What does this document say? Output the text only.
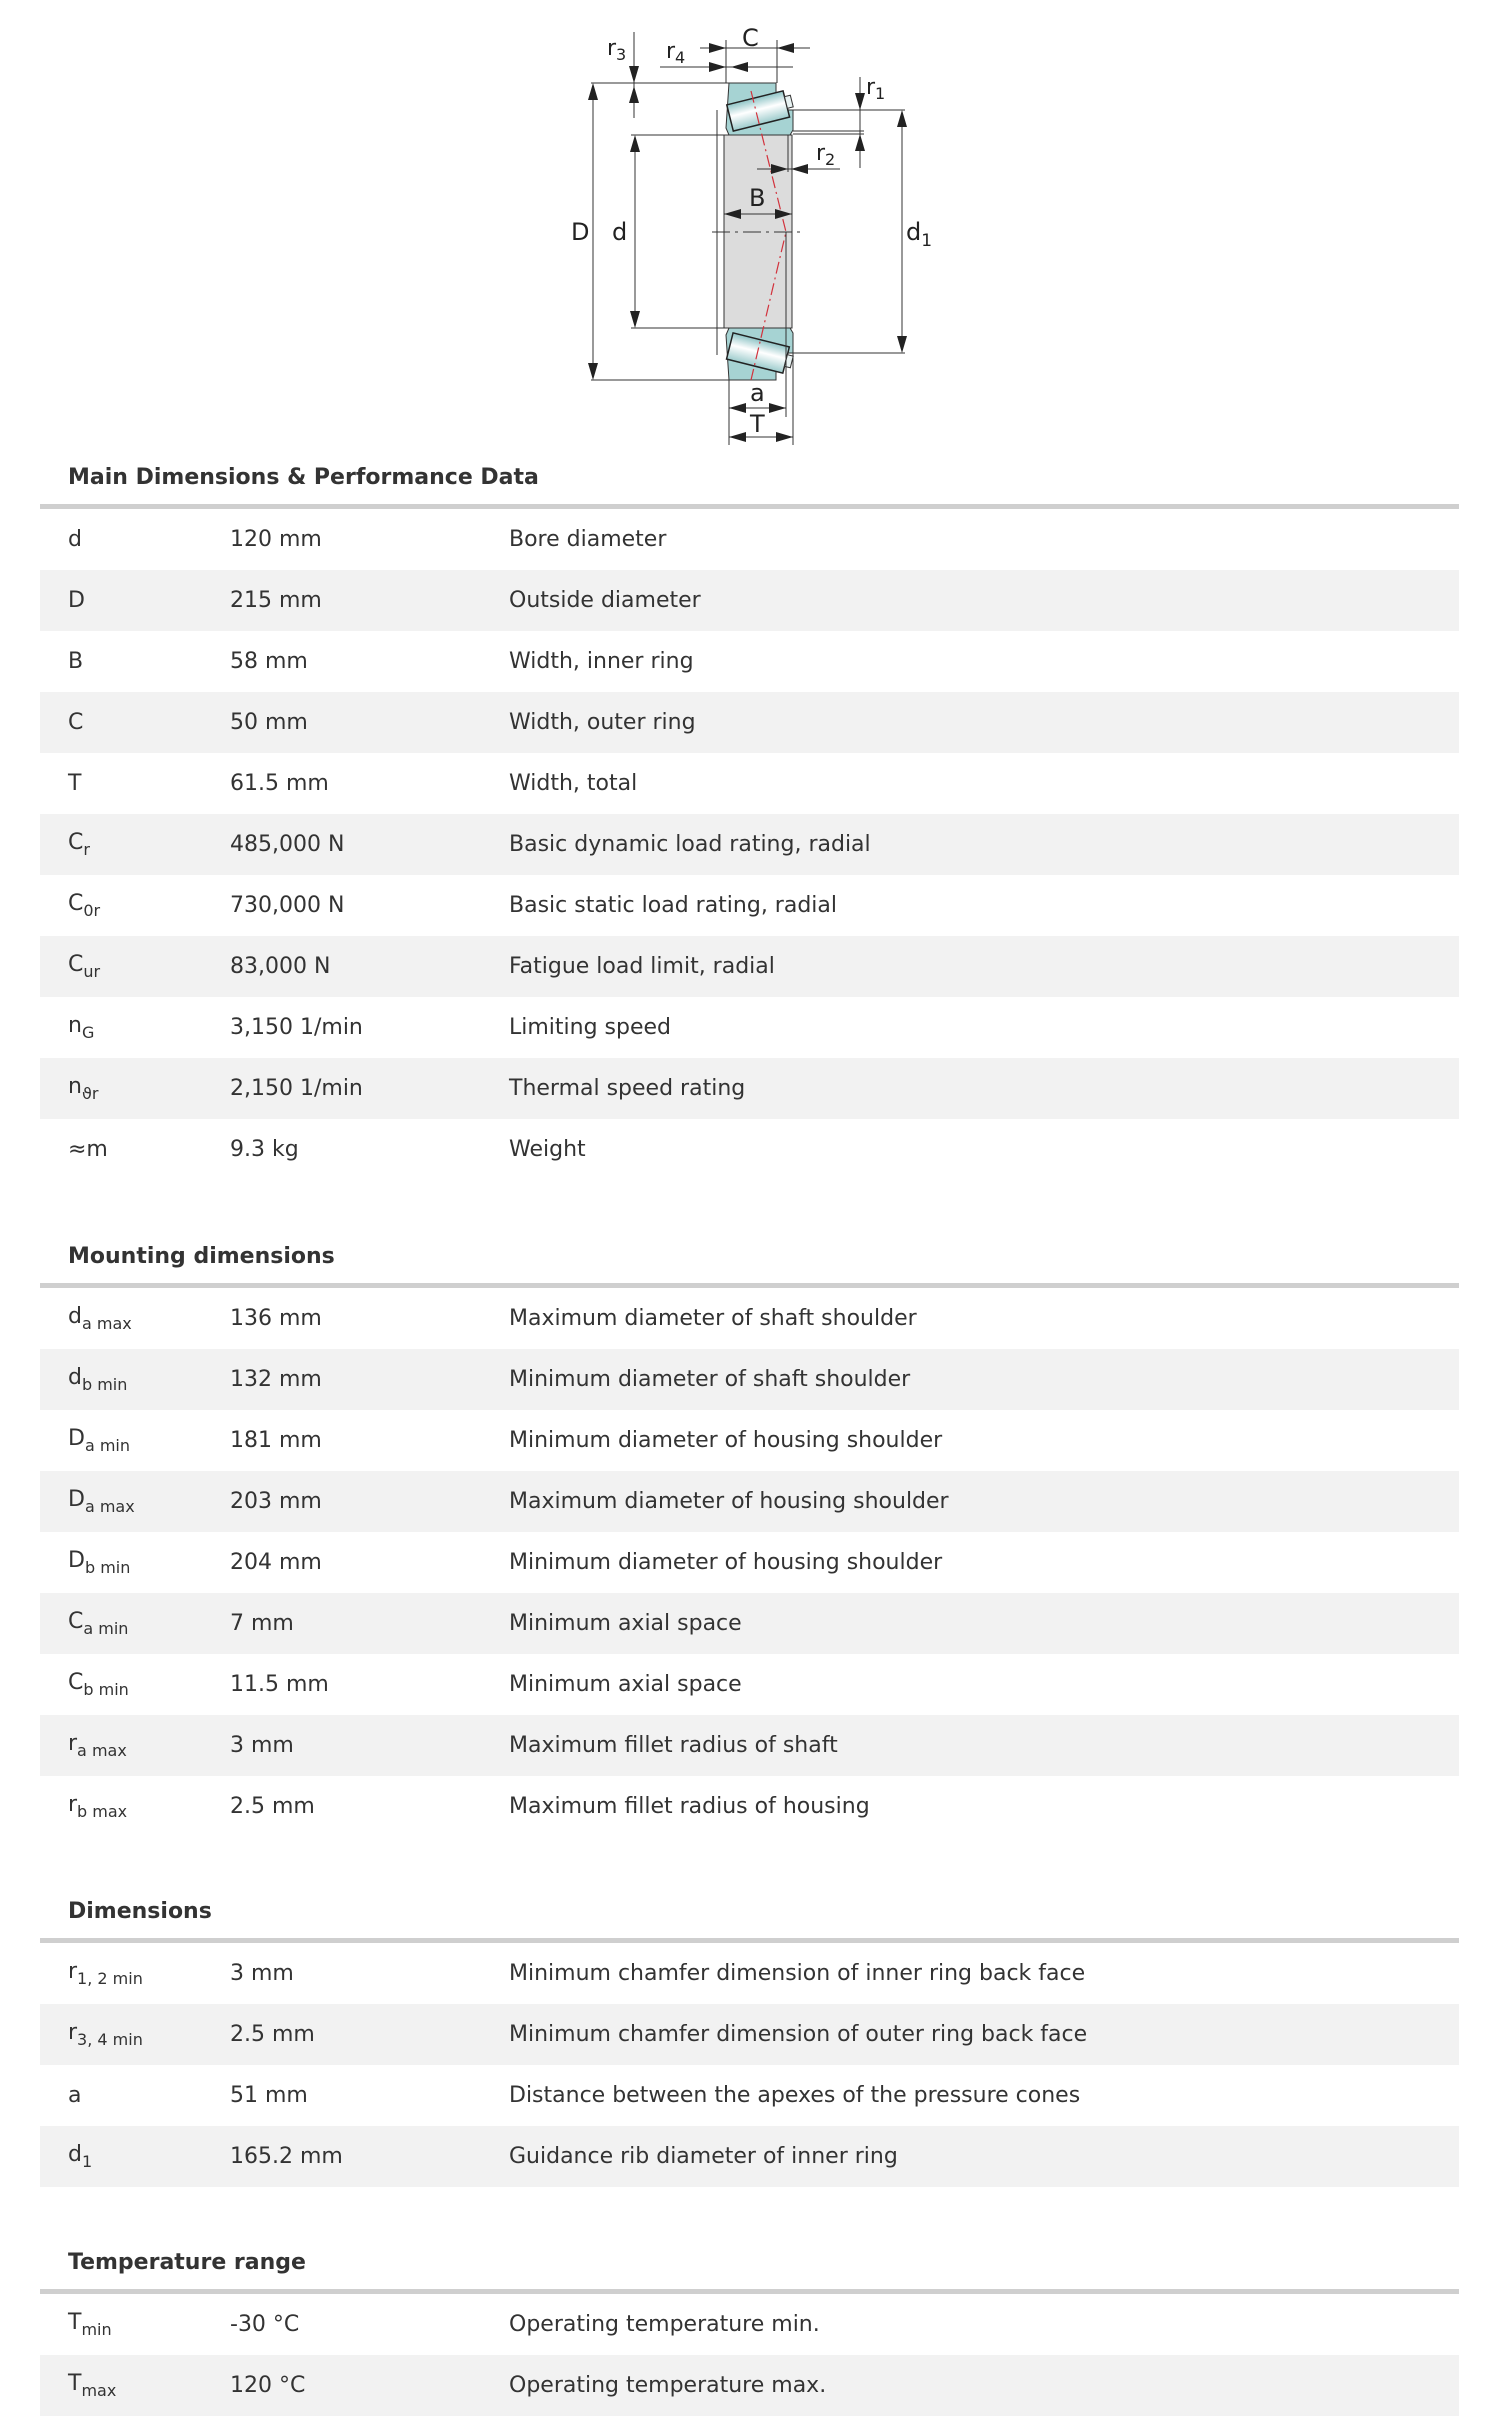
C
$r_3$ $r_4$
$r_1$
$r_2$
B
D d	$d_1$
a
T
Main Dimensions & Performance Data
d	120 mm	Bore diameter
D	215 mm	Outside diameter
B	58 mm	Width, inner ring
C	50 mm	Width, outer ring
T	61.5 mm	Width, total
$C_r$	485,000 N	Basic dynamic load rating, radial
$C_{0r}$	730,000 N	Basic static load rating, radial
$C_{ur}$	83,000 N	Fatigue load limit, radial
$n_G$	3,150 1/min	Limiting speed
$n_{ϑr}$	2,150 1/min	Thermal speed rating
≈m	9.3 kg	Weight
Mounting dimensions
$d_{a max}$	136 mm	Maximum diameter of shaft shoulder
$d_{b min}$	132 mm	Minimum diameter of shaft shoulder
$D_{a min}$	181 mm	Minimum diameter of housing shoulder
$D_{a max}$	203 mm	Maximum diameter of housing shoulder
$D_{b min}$	204 mm	Minimum diameter of housing shoulder
$C_{a min}$	7 mm	Minimum axial space
$C_{b min}$	11.5 mm	Minimum axial space
$r_{a max}$	3 mm	Maximum fillet radius of shaft
$r_{b max}$	2.5 mm	Maximum fillet radius of housing
Dimensions
$r_{1, 2 min}$	3 mm	Minimum chamfer dimension of inner ring back face
$r_{3, 4 min}$	2.5 mm	Minimum chamfer dimension of outer ring back face
a	51 mm	Distance between the apexes of the pressure cones
$d_1$	165.2 mm	Guidance rib diameter of inner ring
Temperature range
$T_{min}$	-30 °C	Operating temperature min.
$T_{max}$	120 °C	Operating temperature max.
